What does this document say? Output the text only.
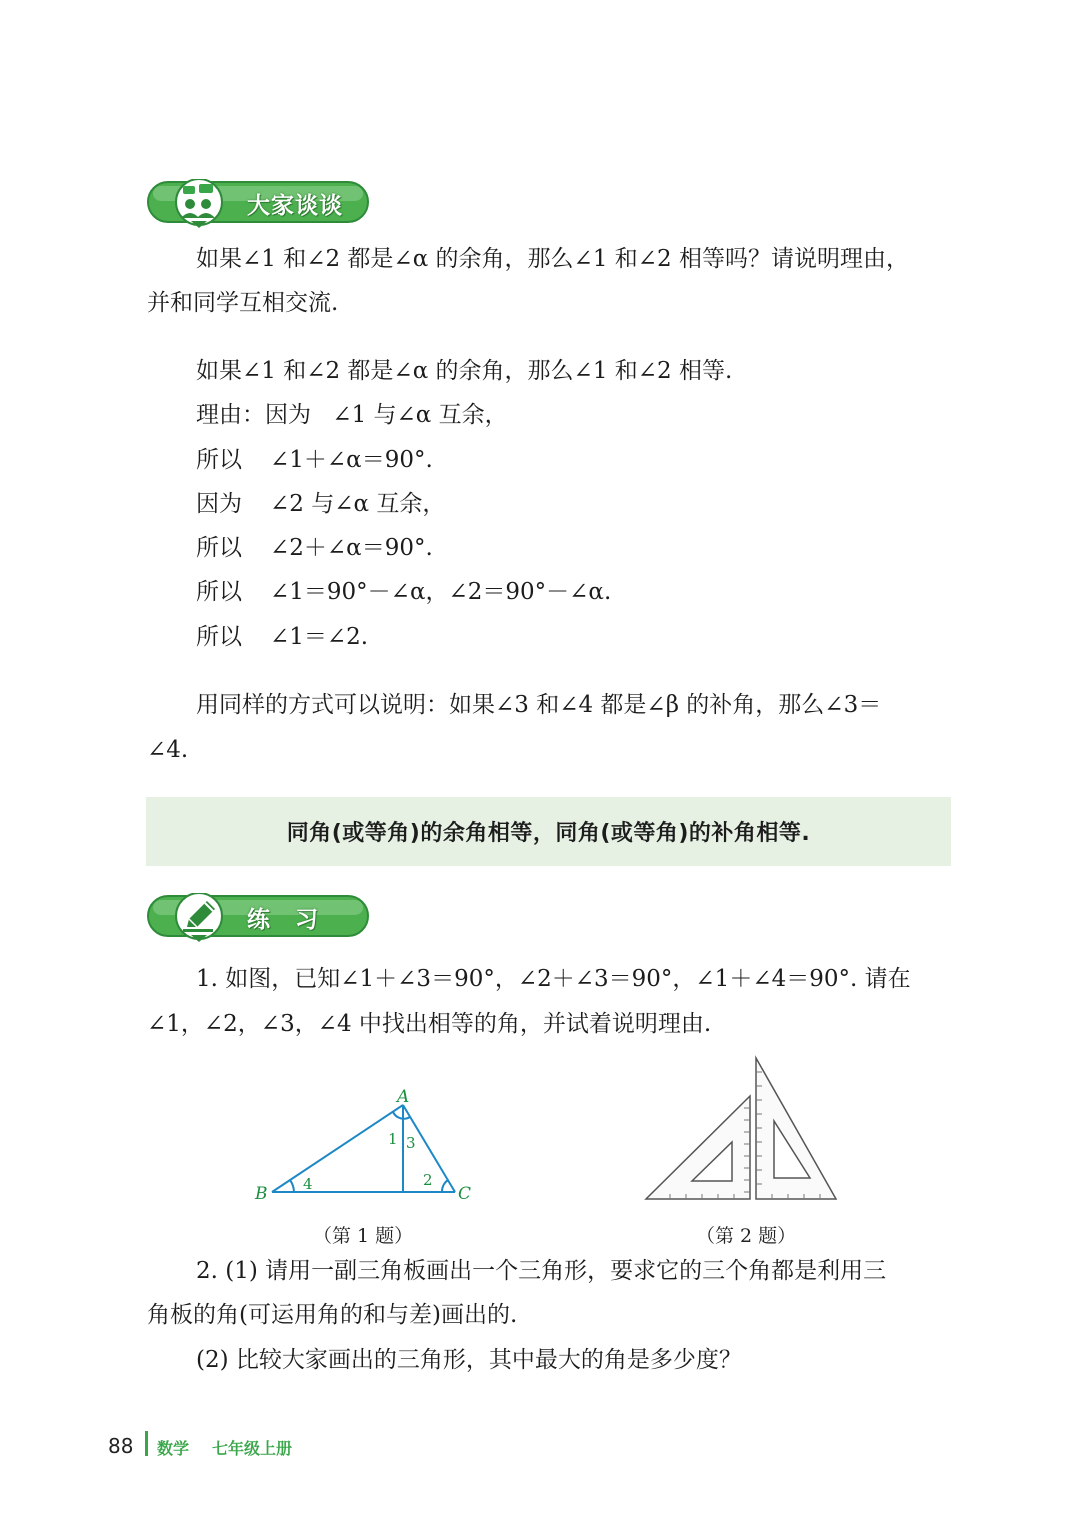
大家谈谈
如果∠1 和∠2 都是∠α 的余角，那么∠1 和∠2 相等吗？请说明理由，
并和同学互相交流.
如果∠1 和∠2 都是∠α 的余角，那么∠1 和∠2 相等.
理由：因为 ∠1 与∠α 互余，
所以 ∠1＋∠α＝90°.
因为 ∠2 与∠α 互余，
所以 ∠2＋∠α＝90°.
所以 ∠1＝90°－∠α，∠2＝90°－∠α.
所以 ∠1＝∠2.
用同样的方式可以说明：如果∠3 和∠4 都是∠β 的补角，那么∠3＝
∠4.
同角(或等角)的余角相等，同角(或等角)的补角相等.
练　习
1. 如图，已知∠1＋∠3＝90°，∠2＋∠3＝90°，∠1＋∠4＝90°. 请在
∠1，∠2，∠3，∠4 中找出相等的角，并试着说明理由.
A
B	C
1 3
2
4
（第 1 题）	（第 2 题）
2. (1) 请用一副三角板画出一个三角形，要求它的三个角都是利用三
角板的角(可运用角的和与差)画出的.
(2) 比较大家画出的三角形，其中最大的角是多少度？
88 数学 七年级上册
